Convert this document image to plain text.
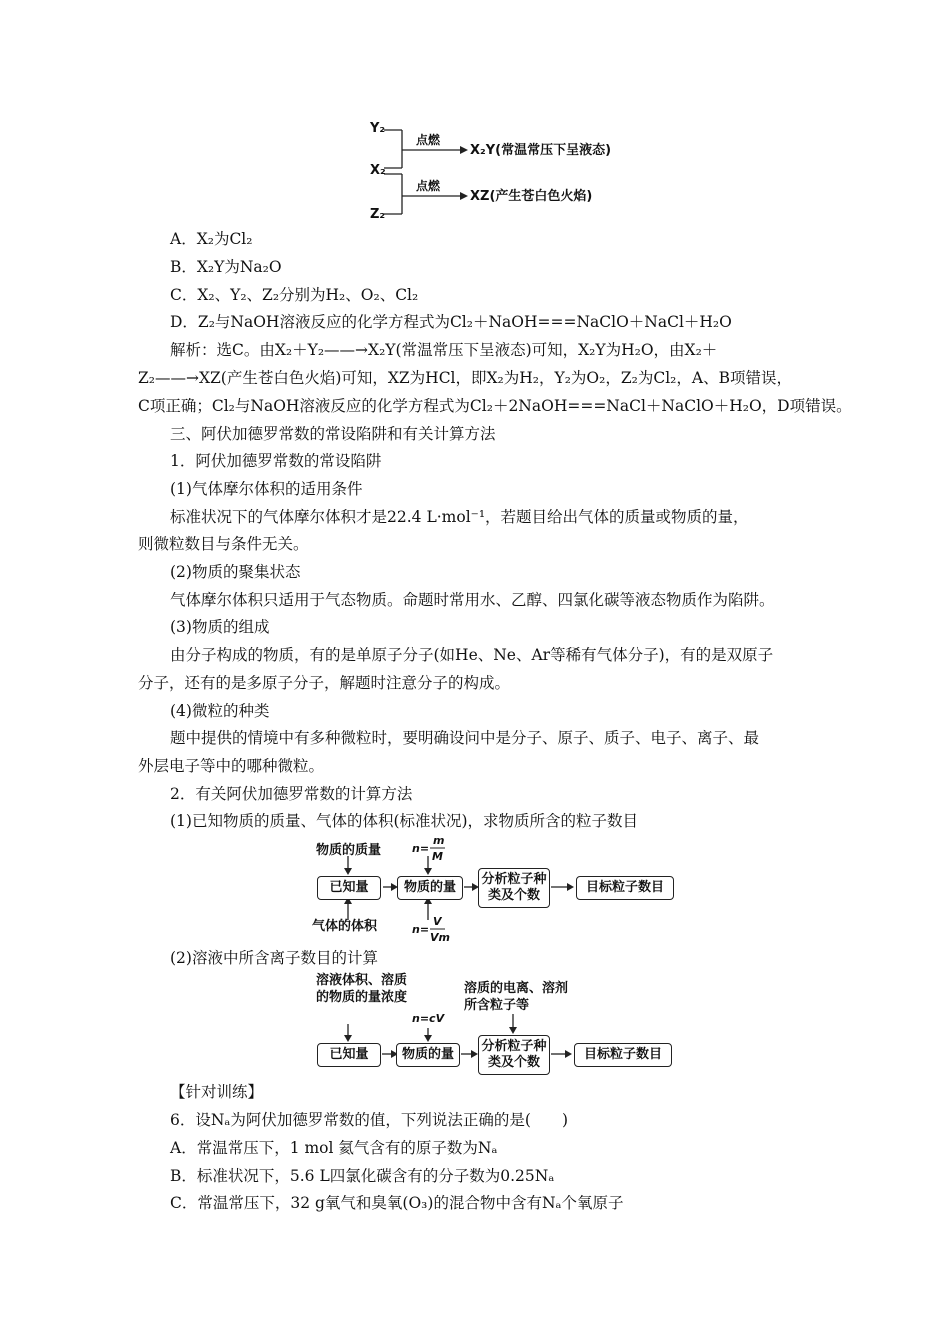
Y₂
X₂
Z₂
点燃
点燃
X₂Y(常温常压下呈液态)
XZ(产生苍白色火焰)
A．X₂为Cl₂
B．X₂Y为Na₂O
C．X₂、Y₂、Z₂分别为H₂、O₂、Cl₂
D．Z₂与NaOH溶液反应的化学方程式为Cl₂＋NaOH===NaClO＋NaCl＋H₂O
解析：选C。由X₂＋Y₂——→X₂Y(常温常压下呈液态)可知，X₂Y为H₂O，由X₂＋
Z₂——→XZ(产生苍白色火焰)可知，XZ为HCl，即X₂为H₂，Y₂为O₂，Z₂为Cl₂，A、B项错误，
C项正确；Cl₂与NaOH溶液反应的化学方程式为Cl₂＋2NaOH===NaCl＋NaClO＋H₂O，D项错误。
三、阿伏加德罗常数的常设陷阱和有关计算方法
1．阿伏加德罗常数的常设陷阱
(1)气体摩尔体积的适用条件
标准状况下的气体摩尔体积才是22.4 L·mol⁻¹，若题目给出气体的质量或物质的量，
则微粒数目与条件无关。
(2)物质的聚集状态
气体摩尔体积只适用于气态物质。命题时常用水、乙醇、四氯化碳等液态物质作为陷阱。
(3)物质的组成
由分子构成的物质，有的是单原子分子(如He、Ne、Ar等稀有气体分子)，有的是双原子
分子，还有的是多原子分子，解题时注意分子的构成。
(4)微粒的种类
题中提供的情境中有多种微粒时，要明确设问中是分子、原子、质子、电子、离子、最
外层电子等中的哪种微粒。
2．有关阿伏加德罗常数的计算方法
(1)已知物质的质量、气体的体积(标准状况)，求物质所含的粒子数目
物质的质量	n=
m
M
已知量	物质的量
分析粒子种类及个数
目标粒子数目
气体的体积	n=
V
Vm
(2)溶液中所含离子数目的计算
溶液体积、溶质的物质的量浓度
n=cV
溶质的电离、溶剂所含粒子等
已知量	物质的量
分析粒子种类及个数
目标粒子数目
【针对训练】
6．设Nₐ为阿伏加德罗常数的值，下列说法正确的是(　　)
A．常温常压下，1 mol 氦气含有的原子数为Nₐ
B．标准状况下，5.6 L四氯化碳含有的分子数为0.25Nₐ
C．常温常压下，32 g氧气和臭氧(O₃)的混合物中含有Nₐ个氧原子
